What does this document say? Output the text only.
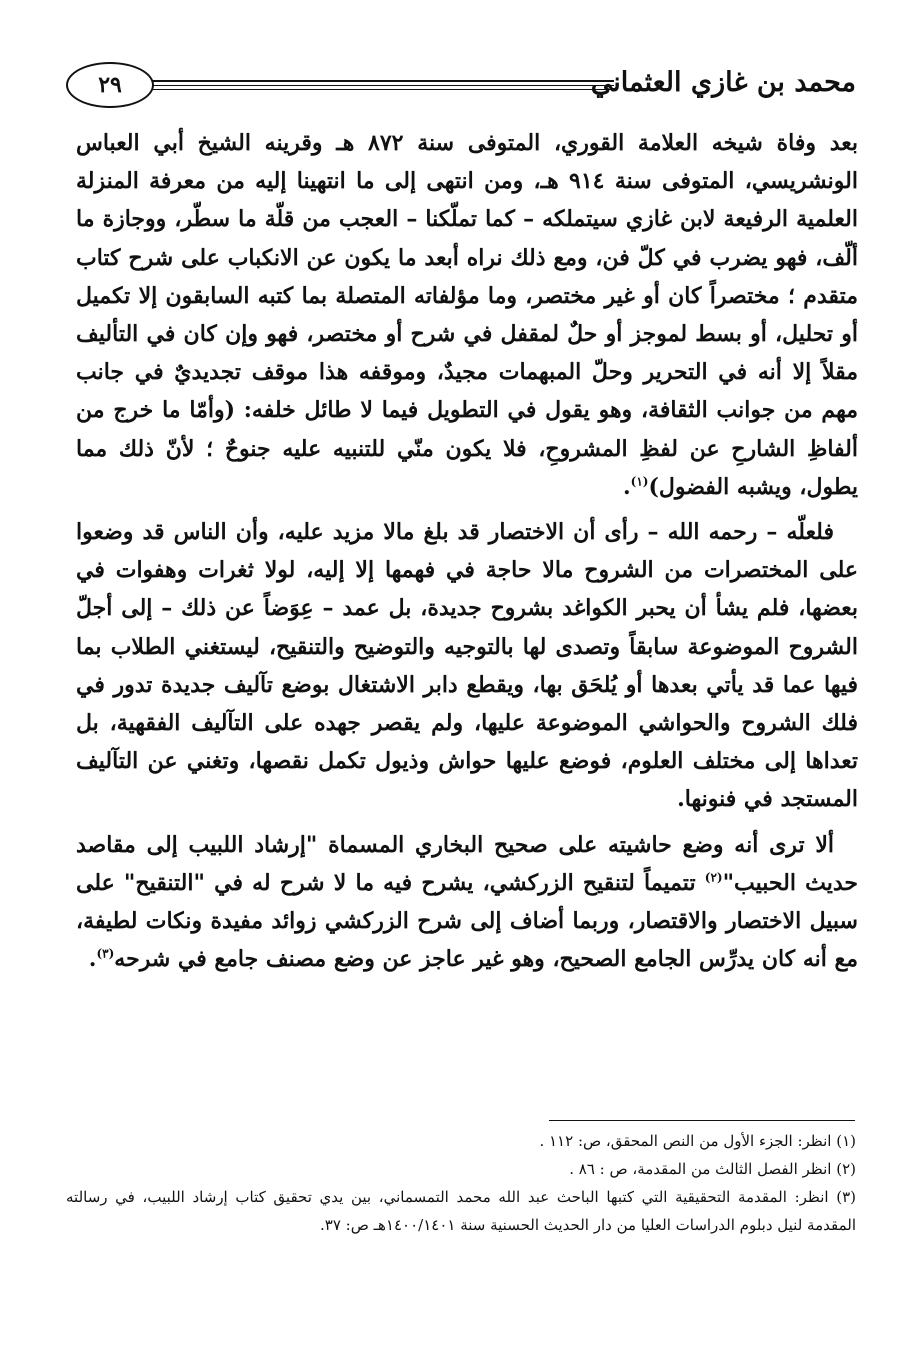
٢٩	محمد بن غازي العثماني

بعد وفاة شيخه العلامة القوري، المتوفى سنة ٨٧٢ هـ وقرينه الشيخ أبي العباس الونشريسي، المتوفى سنة ٩١٤ هـ، ومن انتهى إلى ما انتهينا إليه من معرفة المنزلة العلمية الرفيعة لابن غازي سيتملكه – كما تملّكنا – العجب من قلّة ما سطّر، ووجازة ما ألّف، فهو يضرب في كلّ فن، ومع ذلك نراه أبعد ما يكون عن الانكباب على شرح كتاب متقدم ؛ مختصراً كان أو غير مختصر، وما مؤلفاته المتصلة بما كتبه السابقون إلا تكميل أو تحليل، أو بسط لموجز أو حلٌ لمقفل في شرح أو مختصر، فهو وإن كان في التأليف مقلاً إلا أنه في التحرير وحلّ المبهمات مجيدٌ، وموقفه هذا موقف تجديديٌ في جانب مهم من جوانب الثقافة، وهو يقول في التطويل فيما لا طائل خلفه: (وأمّا ما خرج من ألفاظِ الشارحِ عن لفظِ المشروحِ، فلا يكون منّي للتنبيه عليه جنوحٌ ؛ لأنّ ذلك مما يطول، ويشبه الفضول)$^{(١)}$.

فلعلّه – رحمه الله – رأى أن الاختصار قد بلغ مالا مزيد عليه، وأن الناس قد وضعوا على المختصرات من الشروح مالا حاجة في فهمها إلا إليه، لولا ثغرات وهفوات في بعضها، فلم يشأ أن يحبر الكواغد بشروح جديدة، بل عمد – عِوَضاً عن ذلك – إلى أجلّ الشروح الموضوعة سابقاً وتصدى لها بالتوجيه والتوضيح والتنقيح، ليستغني الطلاب بما فيها عما قد يأتي بعدها أو يُلحَق بها، ويقطع دابر الاشتغال بوضع تآليف جديدة تدور في فلك الشروح والحواشي الموضوعة عليها، ولم يقصر جهده على التآليف الفقهية، بل تعداها إلى مختلف العلوم، فوضع عليها حواش وذيول تكمل نقصها، وتغني عن التآليف المستجد في فنونها.

ألا ترى أنه وضع حاشيته على صحيح البخاري المسماة "إرشاد اللبيب إلى مقاصد حديث الحبيب"$^{(٢)}$ تتميماً لتنقيح الزركشي، يشرح فيه ما لا شرح له في "التنقيح" على سبيل الاختصار والاقتصار، وربما أضاف إلى شرح الزركشي زوائد مفيدة ونكات لطيفة، مع أنه كان يدرِّس الجامع الصحيح، وهو غير عاجز عن وضع مصنف جامع في شرحه$^{(٣)}$.

(١) انظر: الجزء الأول من النص المحقق، ص: ١١٢ .

(٢) انظر الفصل الثالث من المقدمة، ص : ٨٦ .

(٣) انظر: المقدمة التحقيقية التي كتبها الباحث عبد الله محمد التمسماني، بين يدي تحقيق كتاب إرشاد اللبيب، في رسالته المقدمة لنيل دبلوم الدراسات العليا من دار الحديث الحسنية سنة ١٤٠٠/١٤٠١هـ ص: ٣٧.
